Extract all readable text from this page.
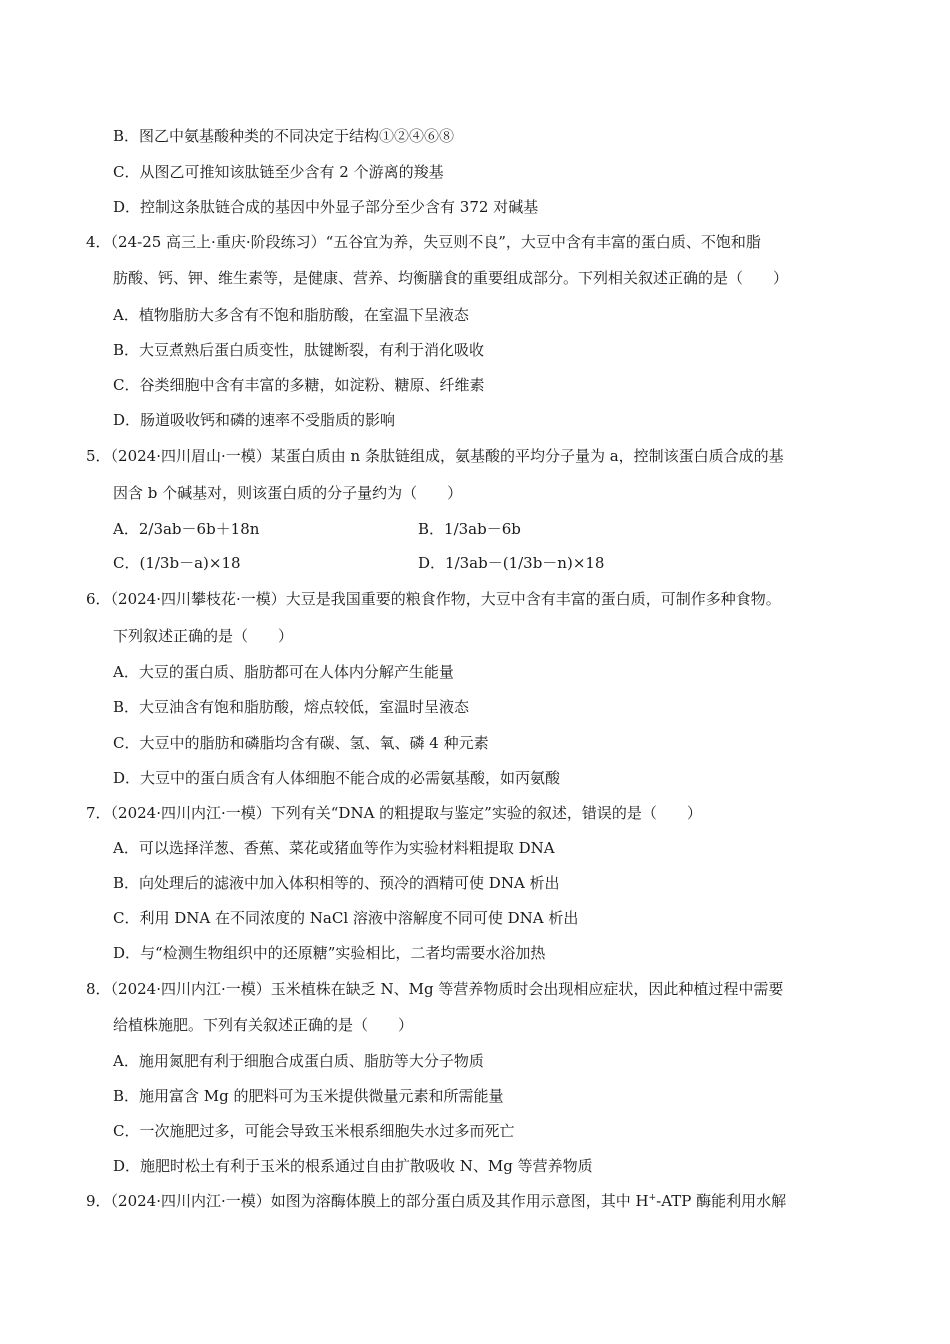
B．图乙中氨基酸种类的不同决定于结构①②④⑥⑧
C．从图乙可推知该肽链至少含有 2 个游离的羧基
D．控制这条肽链合成的基因中外显子部分至少含有 372 对碱基
4．（24-25 高三上·重庆·阶段练习）“五谷宜为养，失豆则不良”，大豆中含有丰富的蛋白质、不饱和脂
肪酸、钙、钾、维生素等，是健康、营养、均衡膳食的重要组成部分。下列相关叙述正确的是（　　）
A．植物脂肪大多含有不饱和脂肪酸，在室温下呈液态
B．大豆煮熟后蛋白质变性，肽键断裂，有利于消化吸收
C．谷类细胞中含有丰富的多糖，如淀粉、糖原、纤维素
D．肠道吸收钙和磷的速率不受脂质的影响
5．（2024·四川眉山·一模）某蛋白质由 n 条肽链组成，氨基酸的平均分子量为 a，控制该蛋白质合成的基
因含 b 个碱基对，则该蛋白质的分子量约为（　　）
A．2/3ab－6b＋18n	B．1/3ab－6b
C．(1/3b－a)×18	D．1/3ab－(1/3b－n)×18
6．（2024·四川攀枝花·一模）大豆是我国重要的粮食作物，大豆中含有丰富的蛋白质，可制作多种食物。
下列叙述正确的是（　　）
A．大豆的蛋白质、脂肪都可在人体内分解产生能量
B．大豆油含有饱和脂肪酸，熔点较低，室温时呈液态
C．大豆中的脂肪和磷脂均含有碳、氢、氧、磷 4 种元素
D．大豆中的蛋白质含有人体细胞不能合成的必需氨基酸，如丙氨酸
7．（2024·四川内江·一模）下列有关“DNA 的粗提取与鉴定”实验的叙述，错误的是（　　）
A．可以选择洋葱、香蕉、菜花或猪血等作为实验材料粗提取 DNA
B．向处理后的滤液中加入体积相等的、预冷的酒精可使 DNA 析出
C．利用 DNA 在不同浓度的 NaCl 溶液中溶解度不同可使 DNA 析出
D．与“检测生物组织中的还原糖”实验相比，二者均需要水浴加热
8．（2024·四川内江·一模）玉米植株在缺乏 N、Mg 等营养物质时会出现相应症状，因此种植过程中需要
给植株施肥。下列有关叙述正确的是（　　）
A．施用氮肥有利于细胞合成蛋白质、脂肪等大分子物质
B．施用富含 Mg 的肥料可为玉米提供微量元素和所需能量
C．一次施肥过多，可能会导致玉米根系细胞失水过多而死亡
D．施肥时松土有利于玉米的根系通过自由扩散吸收 N、Mg 等营养物质
9．（2024·四川内江·一模）如图为溶酶体膜上的部分蛋白质及其作用示意图，其中 H+-ATP 酶能利用水解
